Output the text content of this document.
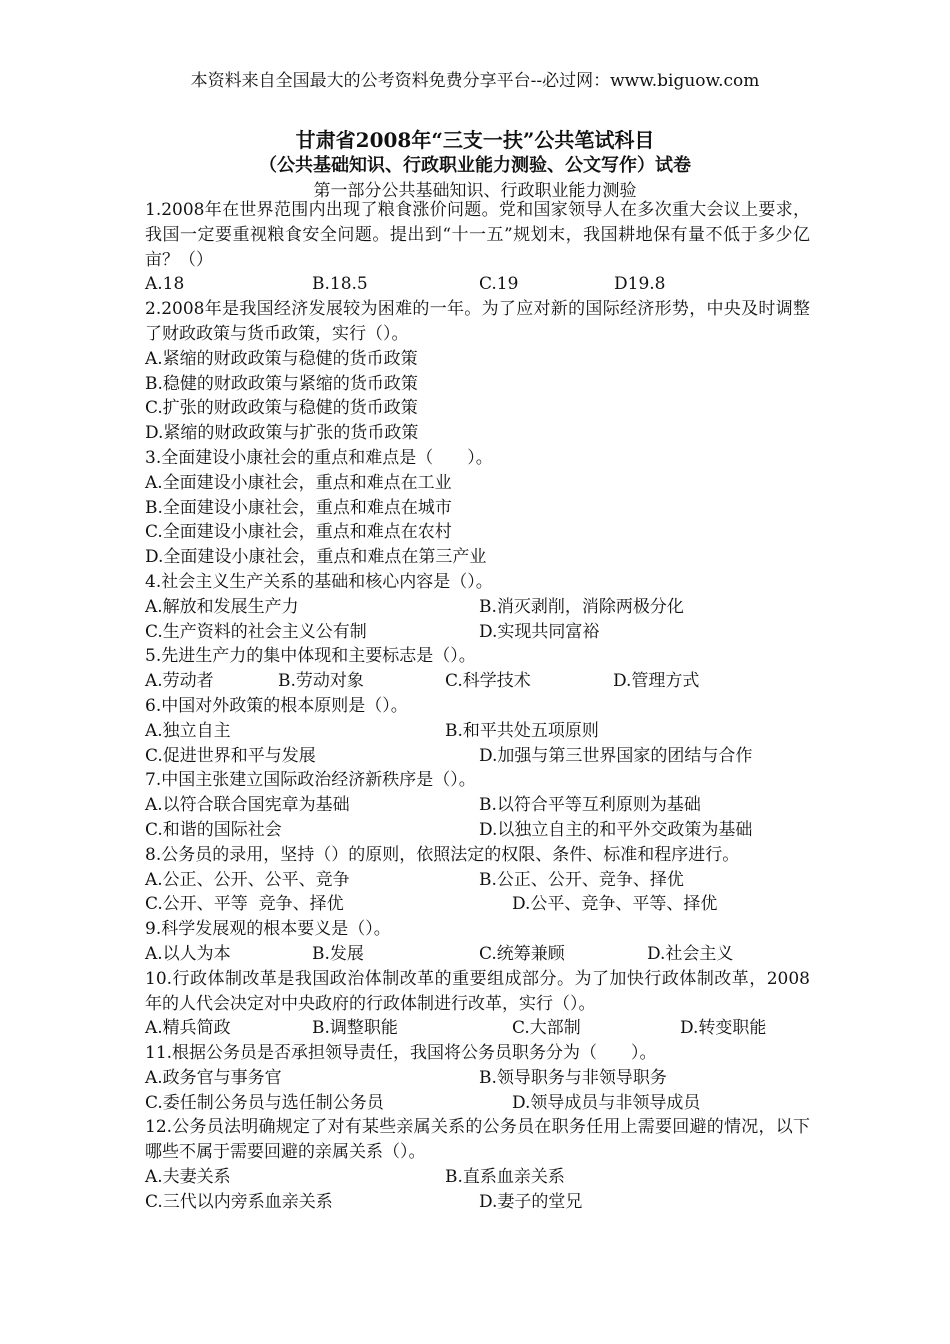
本资料来自全国最大的公考资料免费分享平台--必过网：www.biguow.com
甘肃省2008年“三支一扶”公共笔试科目
（公共基础知识、行政职业能力测验、公文写作）试卷
第一部分公共基础知识、行政职业能力测验

1.2008年在世界范围内出现了粮食涨价问题。党和国家领导人在多次重大会议上要求，我国一定要重视粮食安全问题。提出到“十一五”规划末，我国耕地保有量不低于多少亿亩？（）

A.18	B.18.5	C.19	D19.8

2.2008年是我国经济发展较为困难的一年。为了应对新的国际经济形势，中央及时调整了财政政策与货币政策，实行（）。

A.紧缩的财政政策与稳健的货币政策

B.稳健的财政政策与紧缩的货币政策

C.扩张的财政政策与稳健的货币政策

D.紧缩的财政政策与扩张的货币政策

3.全面建设小康社会的重点和难点是（　　）。

A.全面建设小康社会，重点和难点在工业

B.全面建设小康社会，重点和难点在城市

C.全面建设小康社会，重点和难点在农村

D.全面建设小康社会，重点和难点在第三产业

4.社会主义生产关系的基础和核心内容是（）。

A.解放和发展生产力	B.消灭剥削，消除两极分化
C.生产资料的社会主义公有制	D.实现共同富裕

5.先进生产力的集中体现和主要标志是（）。

A.劳动者	B.劳动对象	C.科学技术	D.管理方式

6.中国对外政策的根本原则是（）。

A.独立自主	B.和平共处五项原则
C.促进世界和平与发展	D.加强与第三世界国家的团结与合作

7.中国主张建立国际政治经济新秩序是（）。

A.以符合联合国宪章为基础	B.以符合平等互利原则为基础
C.和谐的国际社会	D.以独立自主的和平外交政策为基础

8.公务员的录用，坚持（）的原则，依照法定的权限、条件、标准和程序进行。

A.公正、公开、公平、竞争	B.公正、公开、竞争、择优
C.公开、平等  竞争、择优	D.公平、竞争、平等、择优

9.科学发展观的根本要义是（）。

A.以人为本	B.发展	C.统筹兼顾	D.社会主义

10.行政体制改革是我国政治体制改革的重要组成部分。为了加快行政体制改革，2008年的人代会决定对中央政府的行政体制进行改革，实行（）。

A.精兵简政	B.调整职能	C.大部制	D.转变职能

11.根据公务员是否承担领导责任，我国将公务员职务分为（　　）。

A.政务官与事务官	B.领导职务与非领导职务
C.委任制公务员与选任制公务员	D.领导成员与非领导成员

12.公务员法明确规定了对有某些亲属关系的公务员在职务任用上需要回避的情况，以下哪些不属于需要回避的亲属关系（）。

A.夫妻关系	B.直系血亲关系
C.三代以内旁系血亲关系	D.妻子的堂兄
